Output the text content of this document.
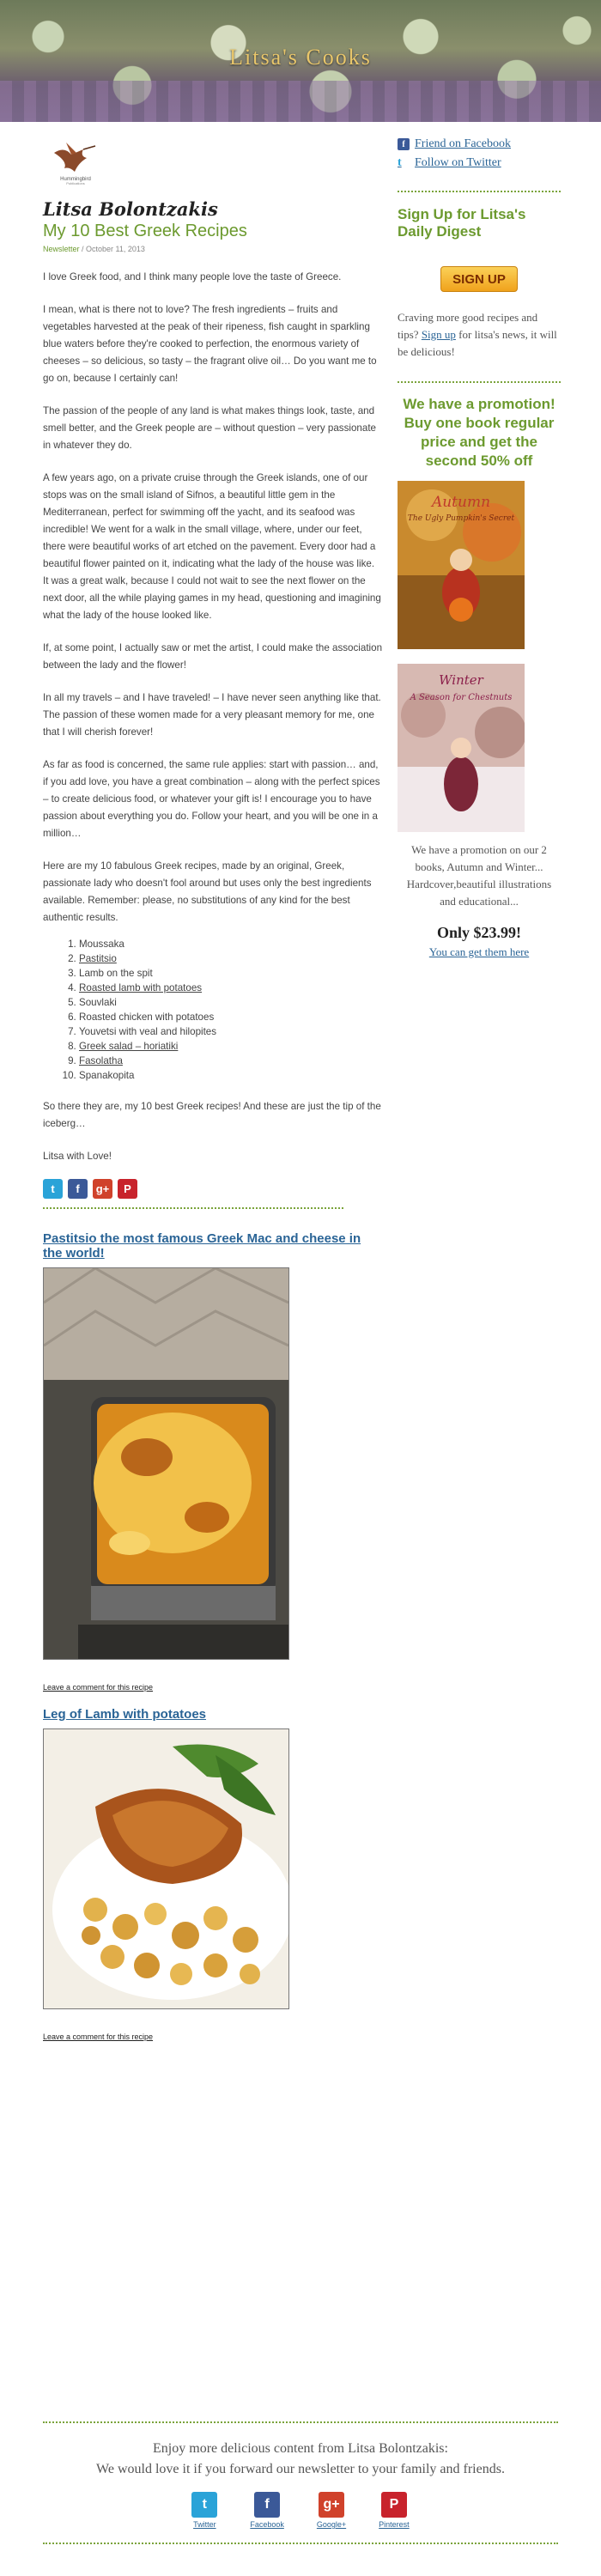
Litsa's Cooks
Hummingbird
Publications
Litsa Bolontzakis
My 10 Best Greek Recipes
Newsletter / October 11, 2013

I love Greek food, and I think many people love the taste of Greece.

I mean, what is there not to love? The fresh ingredients – fruits and vegetables harvested at the peak of their ripeness, fish caught in sparkling blue waters before they're cooked to perfection, the enormous variety of cheeses – so delicious, so tasty – the fragrant olive oil… Do you want me to go on, because I certainly can!

The passion of the people of any land is what makes things look, taste, and smell better, and the Greek people are – without question – very passionate in whatever they do.

A few years ago, on a private cruise through the Greek islands, one of our stops was on the small island of Sifnos, a beautiful little gem in the Mediterranean, perfect for swimming off the yacht, and its seafood was incredible! We went for a walk in the small village, where, under our feet, there were beautiful works of art etched on the pavement. Every door had a beautiful flower painted on it, indicating what the lady of the house was like. It was a great walk, because I could not wait to see the next flower on the next door, all the while playing games in my head, questioning and imagining what the lady of the house looked like.

If, at some point, I actually saw or met the artist, I could make the association between the lady and the flower!

In all my travels – and I have traveled! – I have never seen anything like that. The passion of these women made for a very pleasant memory for me, one that I will cherish forever!

As far as food is concerned, the same rule applies: start with passion… and, if you add love, you have a great combination – along with the perfect spices – to create delicious food, or whatever your gift is! I encourage you to have passion about everything you do. Follow your heart, and you will be one in a million…

Here are my 10 fabulous Greek recipes, made by an original, Greek, passionate lady who doesn't fool around but uses only the best ingredients available. Remember: please, no substitutions of any kind for the best authentic results.

1. Moussaka
2. Pastitsio
3. Lamb on the spit
4. Roasted lamb with potatoes
5. Souvlaki
6. Roasted chicken with potatoes
7. Youvetsi with veal and hilopites
8. Greek salad – horiatiki
9. Fasolatha
10. Spanakopita

So there they are, my 10 best Greek recipes! And these are just the tip of the iceberg…

Litsa with Love!

t	f	g+	P
Pastitsio the most famous Greek Mac and cheese in the world!
Leave a comment for this recipe
Leg of Lamb with potatoes
Leave a comment for this recipe
f Friend on Facebook
t	Follow on Twitter
Sign Up for Litsa's Daily Digest
SIGN UP
Craving more good recipes and tips? Sign up for litsa's news, it will be delicious!
We have a promotion! Buy one book regular price and get the second 50% off
Autumn
The Ugly Pumpkin's Secret

Winter
A Season for Chestnuts
We have a promotion on our 2 books, Autumn and Winter... Hardcover,beautiful illustrations and educational...
Only $23.99!
You can get them here
Enjoy more delicious content from Litsa Bolontzakis:
We would love it if you forward our newsletter to your family and friends.
t
Twitter
f
Facebook
g+
Google+
P
Pinterest
